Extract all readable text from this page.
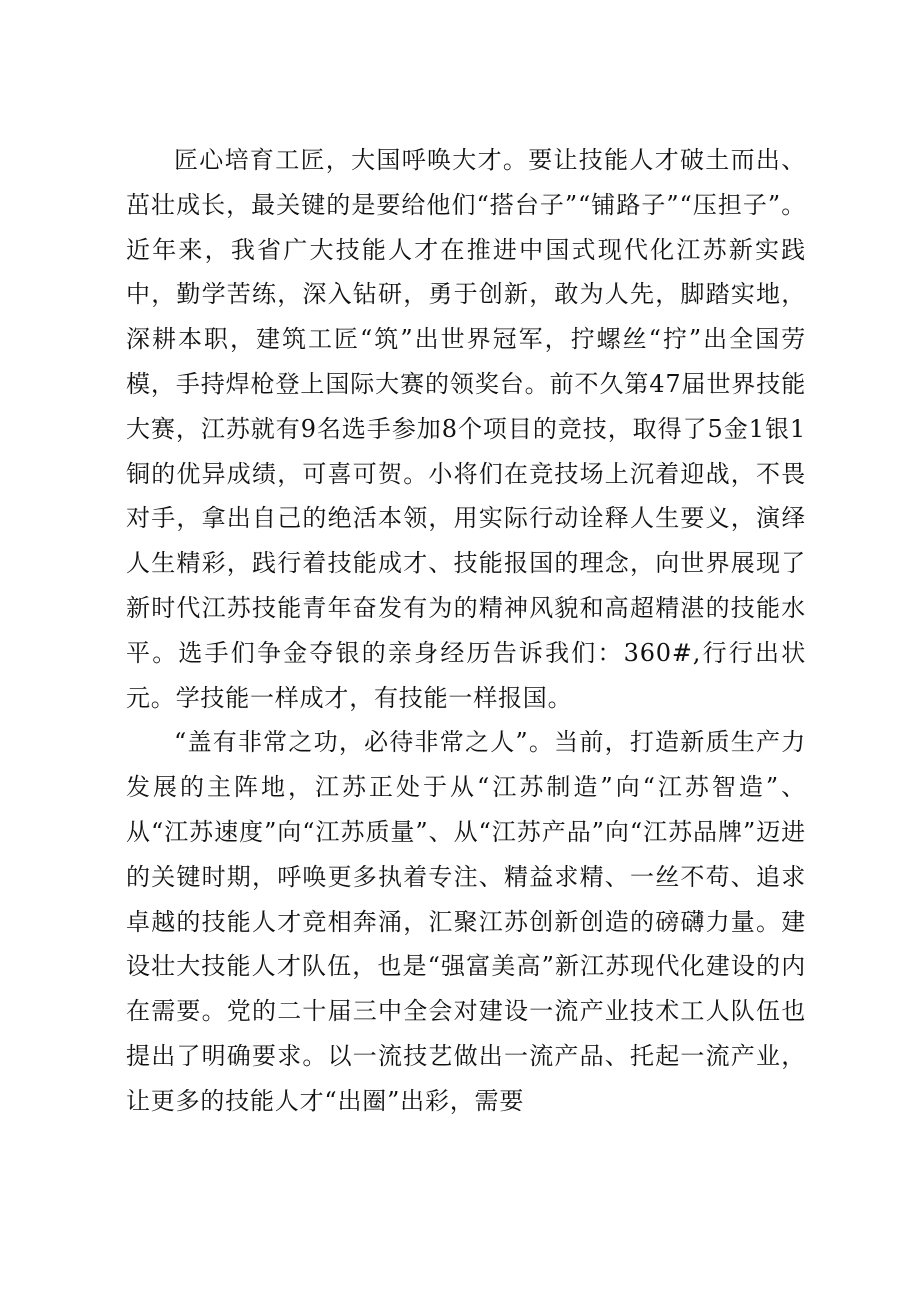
匠心培育工匠，大国呼唤大才。要让技能人才破土而出、茁壮成长，最关键的是要给他们“搭台子”“铺路子”“压担子”。近年来，我省广大技能人才在推进中国式现代化江苏新实践中，勤学苦练，深入钻研，勇于创新，敢为人先，脚踏实地，深耕本职，建筑工匠“筑”出世界冠军，拧螺丝“拧”出全国劳模，手持焊枪登上国际大赛的领奖台。前不久第47届世界技能大赛，江苏就有9名选手参加8个项目的竞技，取得了5金1银1铜的优异成绩，可喜可贺。小将们在竞技场上沉着迎战，不畏对手，拿出自己的绝活本领，用实际行动诠释人生要义，演绎人生精彩，践行着技能成才、技能报国的理念，向世界展现了新时代江苏技能青年奋发有为的精神风貌和高超精湛的技能水平。选手们争金夺银的亲身经历告诉我们：360#,行行出状元。学技能一样成才，有技能一样报国。

“盖有非常之功，必待非常之人”。当前，打造新质生产力发展的主阵地，江苏正处于从“江苏制造”向“江苏智造”、从“江苏速度”向“江苏质量”、从“江苏产品”向“江苏品牌”迈进的关键时期，呼唤更多执着专注、精益求精、一丝不苟、追求卓越的技能人才竞相奔涌，汇聚江苏创新创造的磅礴力量。建设壮大技能人才队伍，也是“强富美高”新江苏现代化建设的内在需要。党的二十届三中全会对建设一流产业技术工人队伍也提出了明确要求。以一流技艺做出一流产品、托起一流产业，让更多的技能人才“出圈”出彩，需要
